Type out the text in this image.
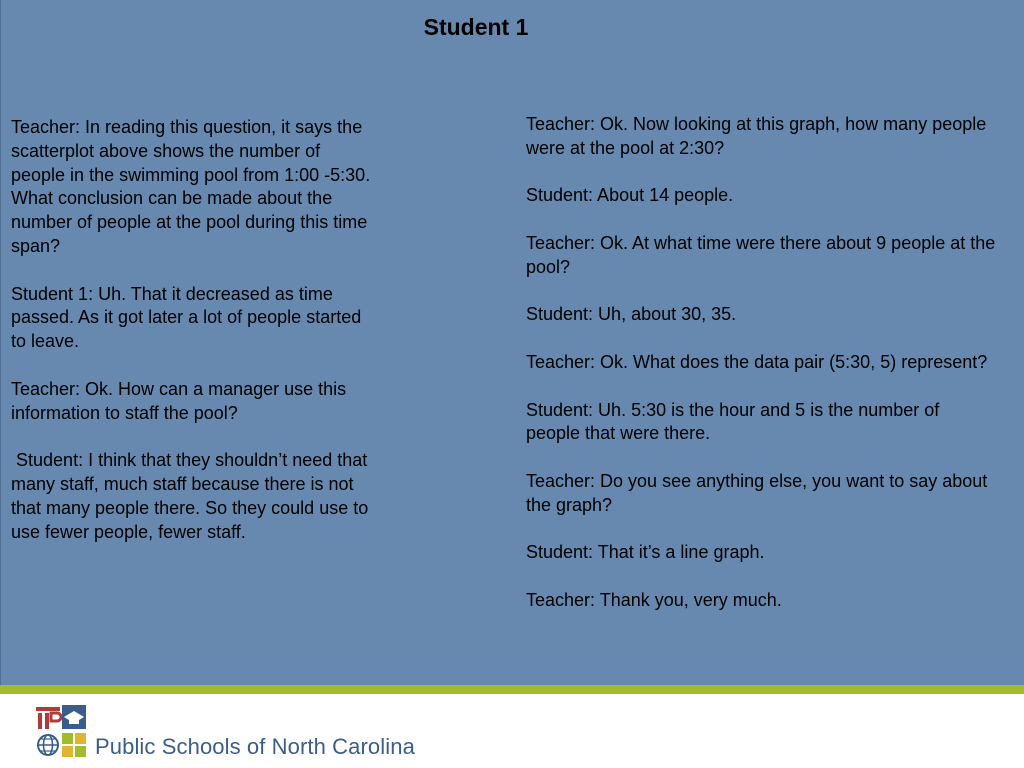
Student 1

Teacher: In reading this question, it says the scatterplot above shows the number of people in the swimming pool from 1:00 -5:30. What conclusion can be made about the number of people at the pool during this time span?

Student 1: Uh. That it decreased as time passed. As it got later a lot of people started to leave.

Teacher: Ok. How can a manager use this information to staff the pool?

Student: I think that they shouldn’t need that many staff, much staff because there is not that many people there. So they could use to use fewer people, fewer staff.

Teacher: Ok. Now looking at this graph, how many people were at the pool at 2:30?

Student: About 14 people.

Teacher: Ok. At what time were there about 9 people at the pool?

Student: Uh, about 30, 35.

Teacher: Ok. What does the data pair (5:30, 5) represent?

Student: Uh. 5:30 is the hour and 5 is the number of people that were there.

Teacher: Do you see anything else, you want to say about the graph?

Student: That it’s a line graph.

Teacher: Thank you, very much.

Public Schools of North Carolina
